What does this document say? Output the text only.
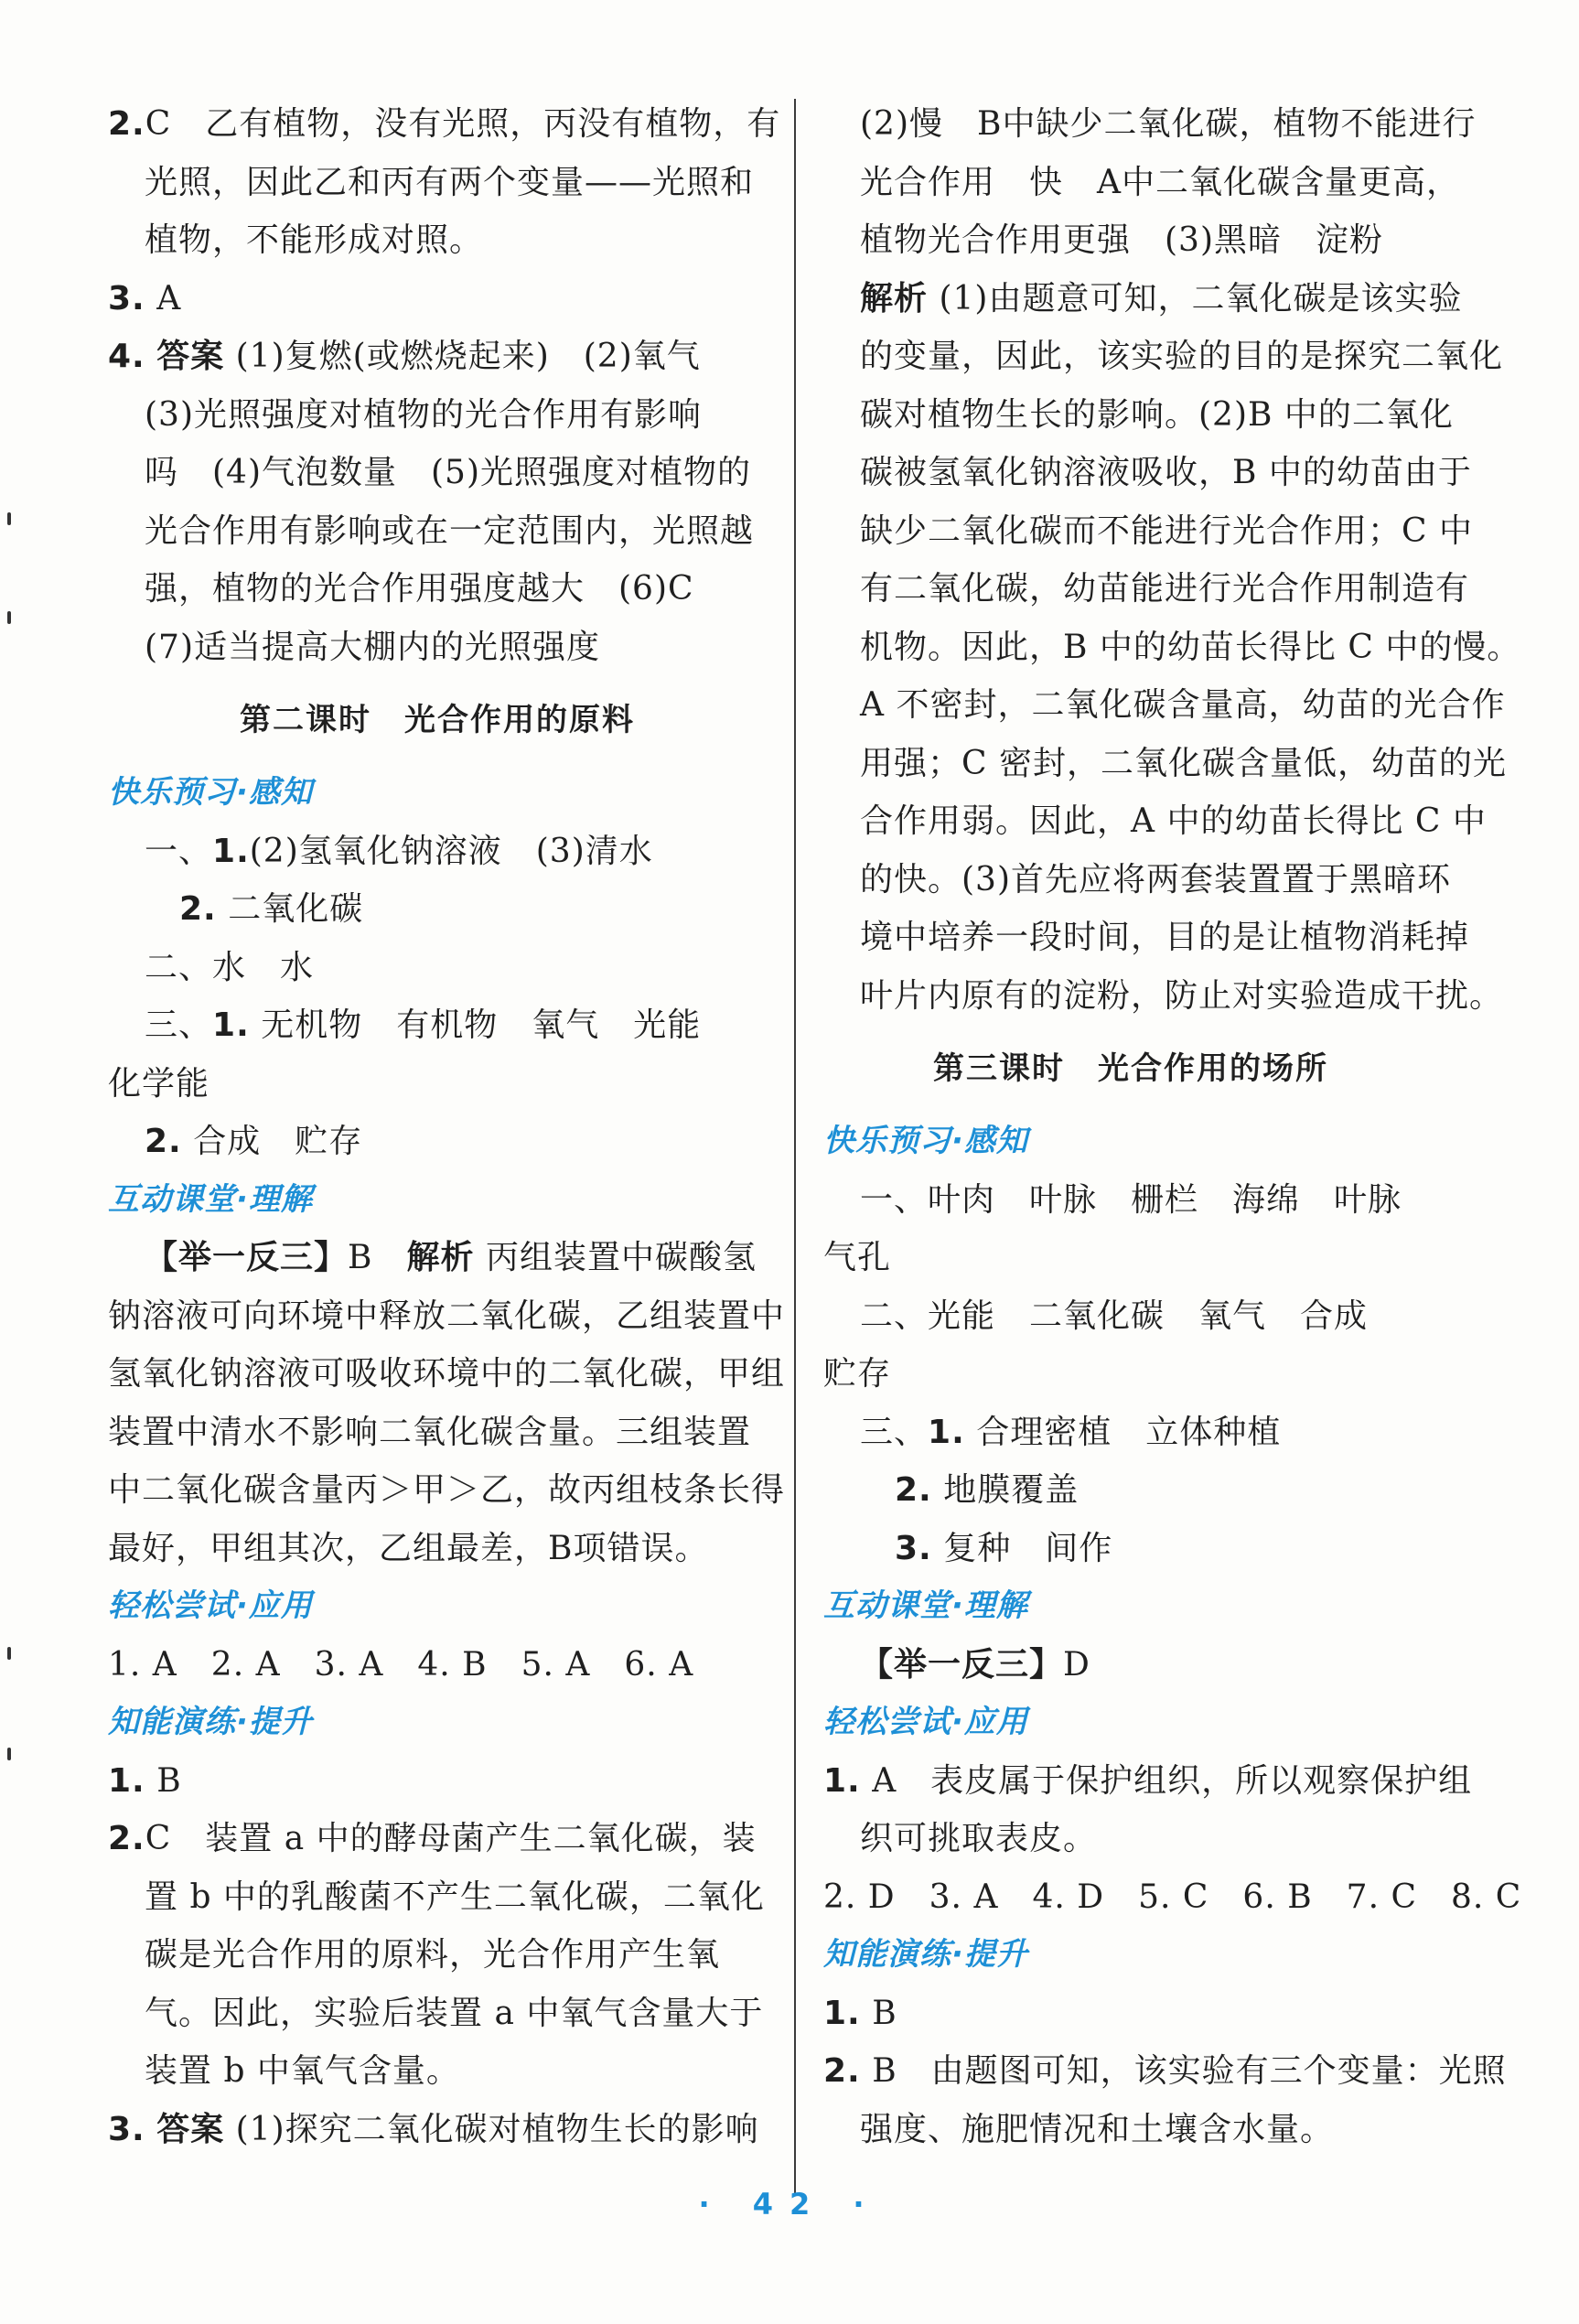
2.C　乙有植物，没有光照，丙没有植物，有
光照，因此乙和丙有两个变量——光照和
植物，不能形成对照。
3. A
4. 答案 (1)复燃(或燃烧起来)　(2)氧气
(3)光照强度对植物的光合作用有影响
吗　(4)气泡数量　(5)光照强度对植物的
光合作用有影响或在一定范围内，光照越
强，植物的光合作用强度越大　(6)C
(7)适当提高大棚内的光照强度
第二课时　光合作用的原料
快乐预习·感知
一、1.(2)氢氧化钠溶液　(3)清水
2. 二氧化碳
二、水　水
三、1. 无机物　有机物　氧气　光能
化学能
2. 合成　贮存
互动课堂·理解
【举一反三】B　解析 丙组装置中碳酸氢
钠溶液可向环境中释放二氧化碳，乙组装置中
氢氧化钠溶液可吸收环境中的二氧化碳，甲组
装置中清水不影响二氧化碳含量。三组装置
中二氧化碳含量丙＞甲＞乙，故丙组枝条长得
最好，甲组其次，乙组最差，B项错误。
轻松尝试·应用
1. A　2. A　3. A　4. B　5. A　6. A
知能演练·提升
1. B
2.C　装置 a 中的酵母菌产生二氧化碳，装
置 b 中的乳酸菌不产生二氧化碳，二氧化
碳是光合作用的原料，光合作用产生氧
气。因此，实验后装置 a 中氧气含量大于
装置 b 中氧气含量。
3. 答案 (1)探究二氧化碳对植物生长的影响
(2)慢　B中缺少二氧化碳，植物不能进行
光合作用　快　A中二氧化碳含量更高，
植物光合作用更强　(3)黑暗　淀粉
解析 (1)由题意可知，二氧化碳是该实验
的变量，因此，该实验的目的是探究二氧化
碳对植物生长的影响。(2)B 中的二氧化
碳被氢氧化钠溶液吸收，B 中的幼苗由于
缺少二氧化碳而不能进行光合作用；C 中
有二氧化碳，幼苗能进行光合作用制造有
机物。因此，B 中的幼苗长得比 C 中的慢。
A 不密封，二氧化碳含量高，幼苗的光合作
用强；C 密封，二氧化碳含量低，幼苗的光
合作用弱。因此，A 中的幼苗长得比 C 中
的快。(3)首先应将两套装置置于黑暗环
境中培养一段时间，目的是让植物消耗掉
叶片内原有的淀粉，防止对实验造成干扰。
第三课时　光合作用的场所
快乐预习·感知
一、叶肉　叶脉　栅栏　海绵　叶脉
气孔
二、光能　二氧化碳　氧气　合成
贮存
三、1. 合理密植　立体种植
2. 地膜覆盖
3. 复种　间作
互动课堂·理解
【举一反三】D
轻松尝试·应用
1. A　表皮属于保护组织，所以观察保护组
织可挑取表皮。
2. D　3. A　4. D　5. C　6. B　7. C　8. C
知能演练·提升
1. B
2. B　由题图可知，该实验有三个变量：光照
强度、施肥情况和土壤含水量。
· 42 ·
